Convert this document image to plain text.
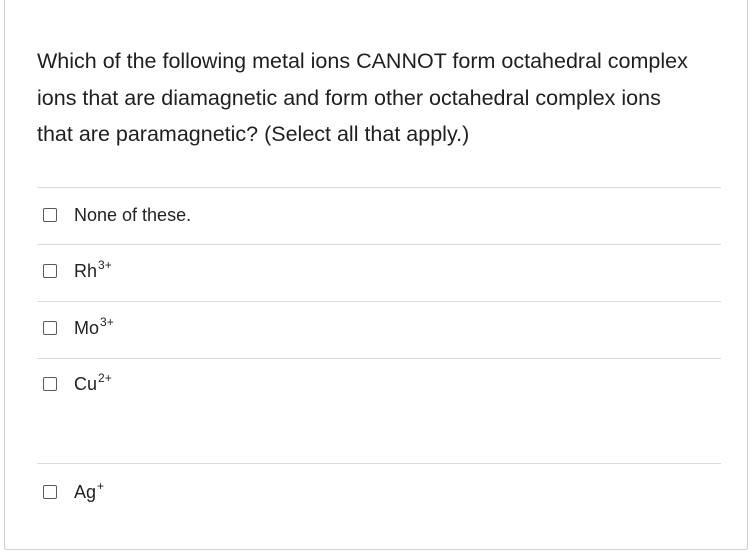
Which of the following metal ions CANNOT form octahedral complex ions that are diamagnetic and form other octahedral complex ions that are paramagnetic? (Select all that apply.)

None of these.
$Rh^{3+}$
$Mo^{3+}$
$Cu^{2+}$
Ag+
